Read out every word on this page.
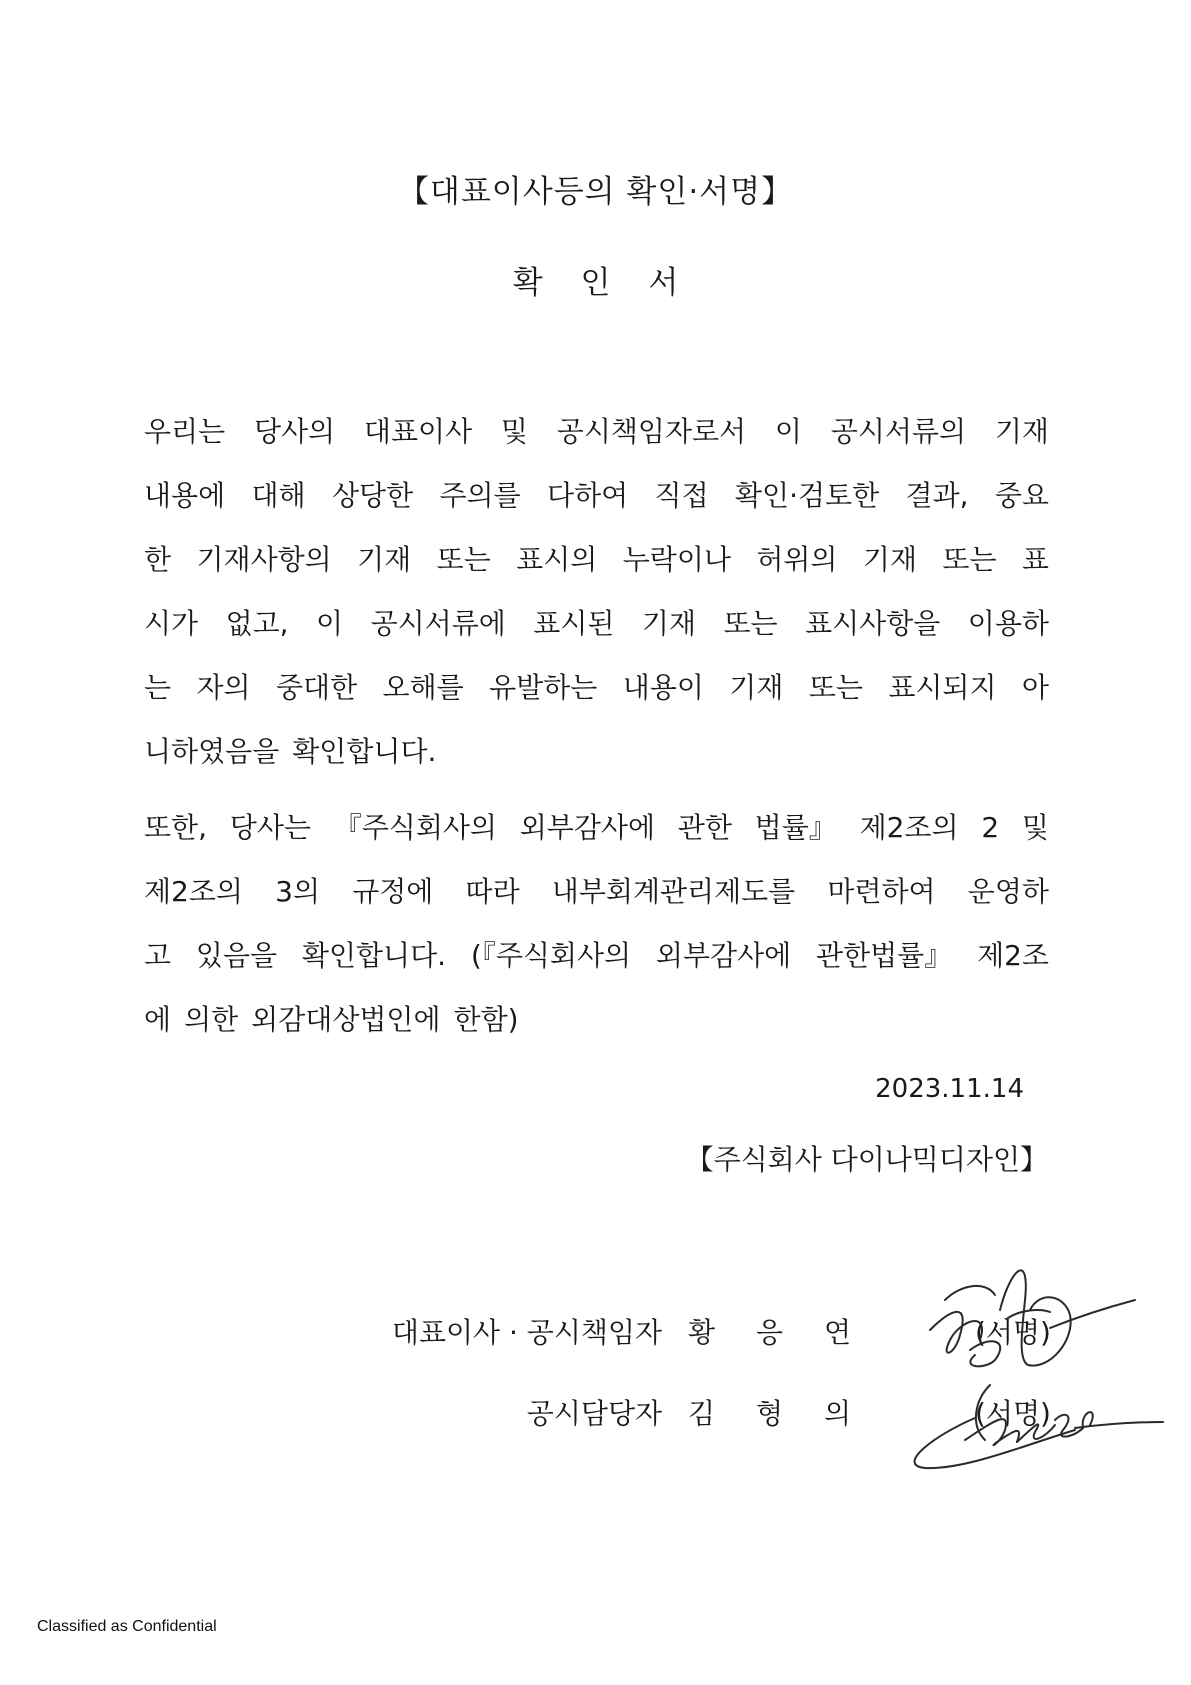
【대표이사등의 확인·서명】
확 인 서
우리는 당사의 대표이사 및 공시책임자로서 이 공시서류의 기재
내용에 대해 상당한 주의를 다하여 직접 확인·검토한 결과, 중요
한 기재사항의 기재 또는 표시의 누락이나 허위의 기재 또는 표
시가 없고, 이 공시서류에 표시된 기재 또는 표시사항을 이용하
는 자의 중대한 오해를 유발하는 내용이 기재 또는 표시되지 아
니하였음을 확인합니다.
또한, 당사는 『주식회사의 외부감사에 관한 법률』 제2조의 2 및
제2조의 3의 규정에 따라 내부회계관리제도를 마련하여 운영하
고 있음을 확인합니다. (『주식회사의 외부감사에 관한법률』 제2조
에 의한 외감대상법인에 한함)
2023.11.14
【주식회사 다이나믹디자인】
대표이사 · 공시책임자 황 응 연	(서명)
공시담당자 김 형 의	(서명)
Classified as Confidential
